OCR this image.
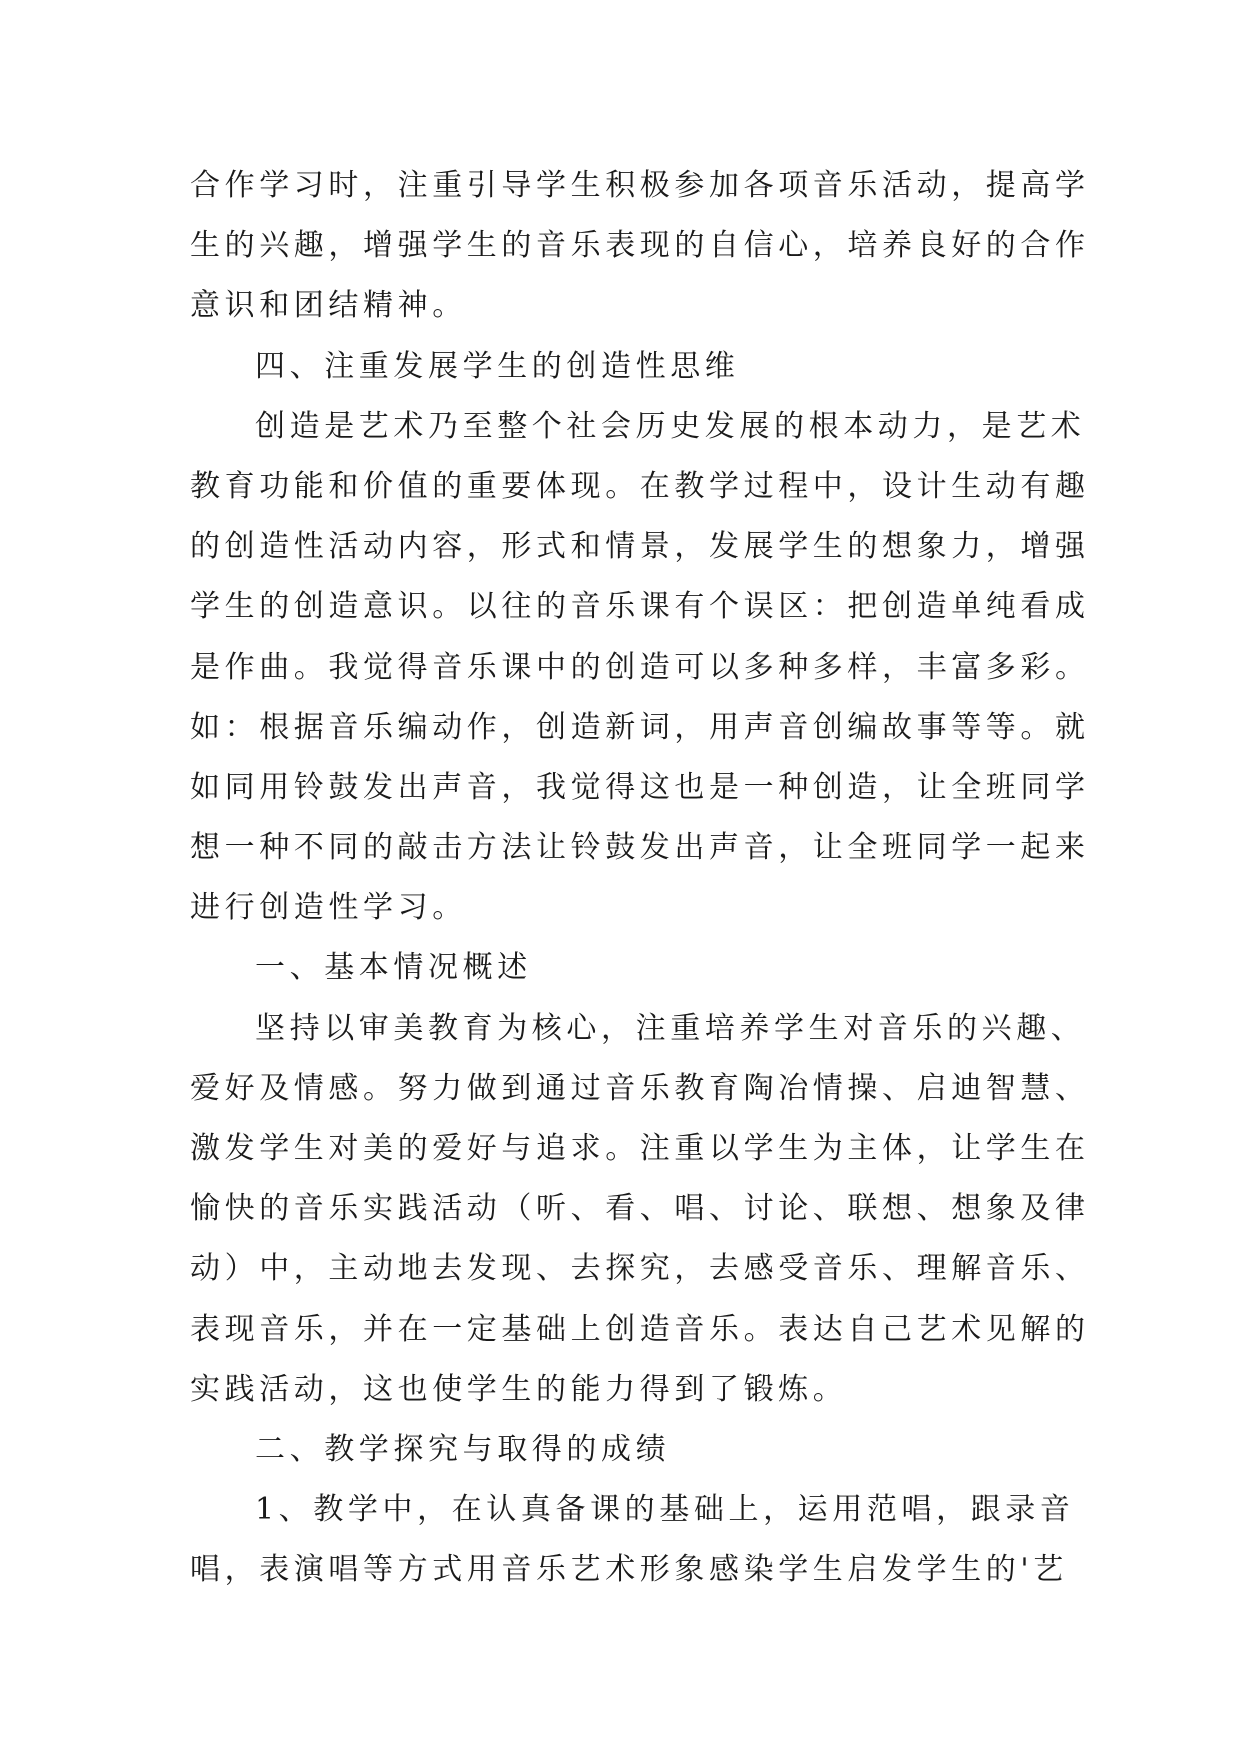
合作学习时，注重引导学生积极参加各项音乐活动，提高学
生的兴趣，增强学生的音乐表现的自信心，培养良好的合作
意识和团结精神。
四、注重发展学生的创造性思维
创造是艺术乃至整个社会历史发展的根本动力，是艺术
教育功能和价值的重要体现。在教学过程中，设计生动有趣
的创造性活动内容，形式和情景，发展学生的想象力，增强
学生的创造意识。以往的音乐课有个误区：把创造单纯看成
是作曲。我觉得音乐课中的创造可以多种多样，丰富多彩。
如：根据音乐编动作，创造新词，用声音创编故事等等。就
如同用铃鼓发出声音，我觉得这也是一种创造，让全班同学
想一种不同的敲击方法让铃鼓发出声音，让全班同学一起来
进行创造性学习。
一、基本情况概述
坚持以审美教育为核心，注重培养学生对音乐的兴趣、
爱好及情感。努力做到通过音乐教育陶冶情操、启迪智慧、
激发学生对美的爱好与追求。注重以学生为主体，让学生在
愉快的音乐实践活动（听、看、唱、讨论、联想、想象及律
动）中，主动地去发现、去探究，去感受音乐、理解音乐、
表现音乐，并在一定基础上创造音乐。表达自己艺术见解的
实践活动，这也使学生的能力得到了锻炼。
二、教学探究与取得的成绩
1、教学中，在认真备课的基础上，运用范唱，跟录音
唱，表演唱等方式用音乐艺术形象感染学生启发学生的'艺
